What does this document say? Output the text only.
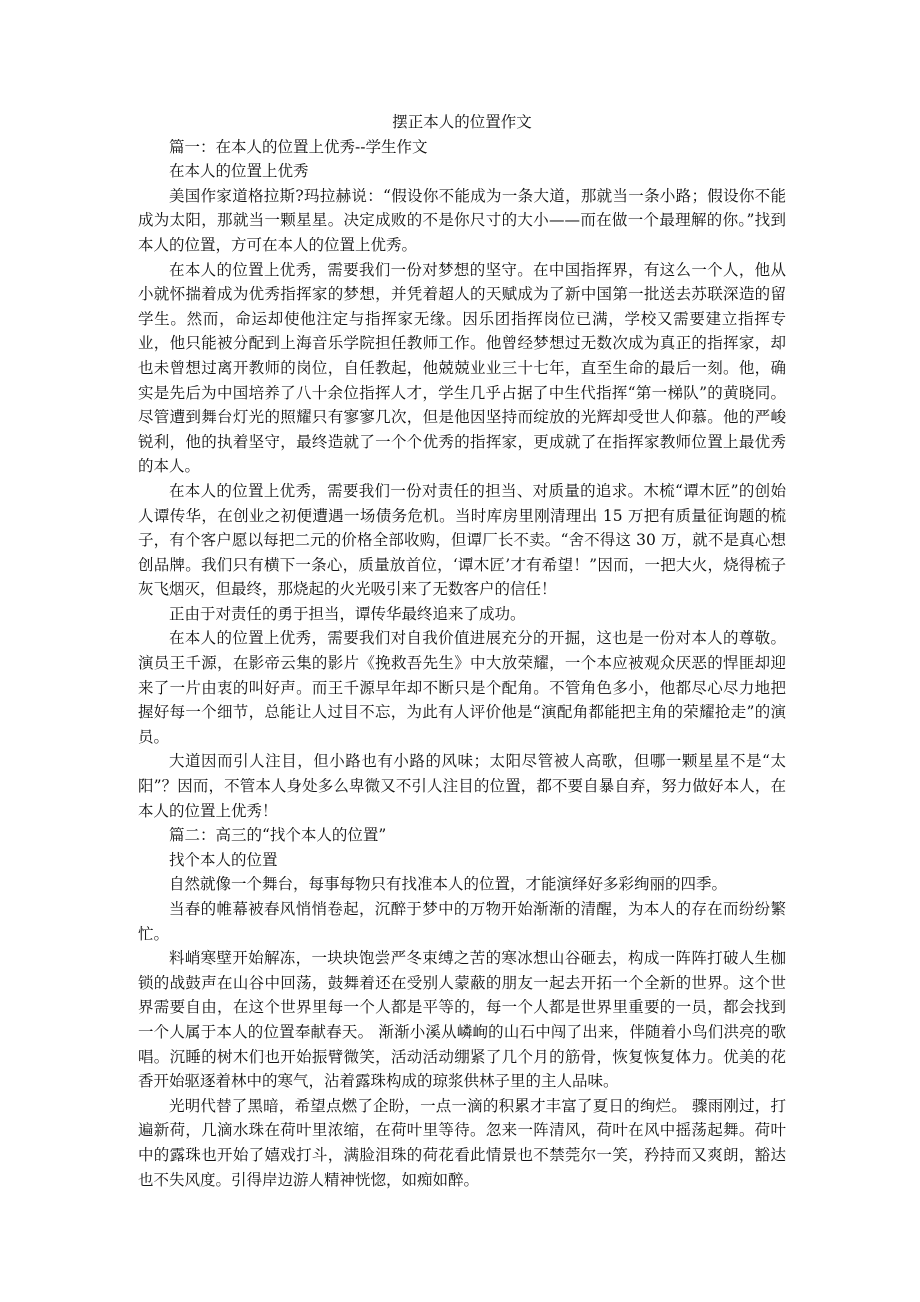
摆正本人的位置作文

篇一：在本人的位置上优秀--学生作文

在本人的位置上优秀

美国作家道格拉斯?玛拉赫说：“假设你不能成为一条大道，那就当一条小路；假设你不能成为太阳，那就当一颗星星。决定成败的不是你尺寸的大小——而在做一个最理解的你。”找到本人的位置，方可在本人的位置上优秀。

在本人的位置上优秀，需要我们一份对梦想的坚守。在中国指挥界，有这么一个人，他从小就怀揣着成为优秀指挥家的梦想，并凭着超人的天赋成为了新中国第一批送去苏联深造的留学生。然而，命运却使他注定与指挥家无缘。因乐团指挥岗位已满，学校又需要建立指挥专业，他只能被分配到上海音乐学院担任教师工作。他曾经梦想过无数次成为真正的指挥家，却也未曾想过离开教师的岗位，自任教起，他兢兢业业三十七年，直至生命的最后一刻。他，确实是先后为中国培养了八十余位指挥人才，学生几乎占据了中生代指挥“第一梯队”的黄晓同。尽管遭到舞台灯光的照耀只有寥寥几次，但是他因坚持而绽放的光辉却受世人仰慕。他的严峻锐利，他的执着坚守，最终造就了一个个优秀的指挥家，更成就了在指挥家教师位置上最优秀的本人。

在本人的位置上优秀，需要我们一份对责任的担当、对质量的追求。木梳“谭木匠”的创始人谭传华，在创业之初便遭遇一场债务危机。当时库房里刚清理出 15 万把有质量征询题的梳子，有个客户愿以每把二元的价格全部收购，但谭厂长不卖。“舍不得这 30 万，就不是真心想创品牌。我们只有横下一条心，质量放首位，‘谭木匠’才有希望！”因而，一把大火，烧得梳子灰飞烟灭，但最终，那烧起的火光吸引来了无数客户的信任！

正由于对责任的勇于担当，谭传华最终追来了成功。

在本人的位置上优秀，需要我们对自我价值进展充分的开掘，这也是一份对本人的尊敬。演员王千源，在影帝云集的影片《挽救吾先生》中大放荣耀，一个本应被观众厌恶的悍匪却迎来了一片由衷的叫好声。而王千源早年却不断只是个配角。不管角色多小，他都尽心尽力地把握好每一个细节，总能让人过目不忘，为此有人评价他是“演配角都能把主角的荣耀抢走”的演员。

大道因而引人注目，但小路也有小路的风味；太阳尽管被人高歌，但哪一颗星星不是“太阳”？因而，不管本人身处多么卑微又不引人注目的位置，都不要自暴自弃，努力做好本人，在本人的位置上优秀！

篇二：高三的“找个本人的位置”

找个本人的位置

自然就像一个舞台，每事每物只有找准本人的位置，才能演绎好多彩绚丽的四季。

当春的帷幕被春风悄悄卷起，沉醉于梦中的万物开始渐渐的清醒，为本人的存在而纷纷繁忙。

料峭寒壁开始解冻，一块块饱尝严冬束缚之苦的寒冰想山谷砸去，构成一阵阵打破人生枷锁的战鼓声在山谷中回荡，鼓舞着还在受别人蒙蔽的朋友一起去开拓一个全新的世界。这个世界需要自由，在这个世界里每一个人都是平等的，每一个人都是世界里重要的一员，都会找到一个人属于本人的位置奉献春天。 渐渐小溪从嶙峋的山石中闯了出来，伴随着小鸟们洪亮的歌唱。沉睡的树木们也开始振臂微笑，活动活动绷紧了几个月的筋骨，恢复恢复体力。优美的花香开始驱逐着林中的寒气，沾着露珠构成的琼浆供林子里的主人品味。

光明代替了黑暗，希望点燃了企盼，一点一滴的积累才丰富了夏日的绚烂。 骤雨刚过，打遍新荷，几滴水珠在荷叶里浓缩，在荷叶里等待。忽来一阵清风，荷叶在风中摇荡起舞。荷叶中的露珠也开始了嬉戏打斗，满脸泪珠的荷花看此情景也不禁莞尔一笑，矜持而又爽朗，豁达也不失风度。引得岸边游人精神恍惚，如痴如醉。
